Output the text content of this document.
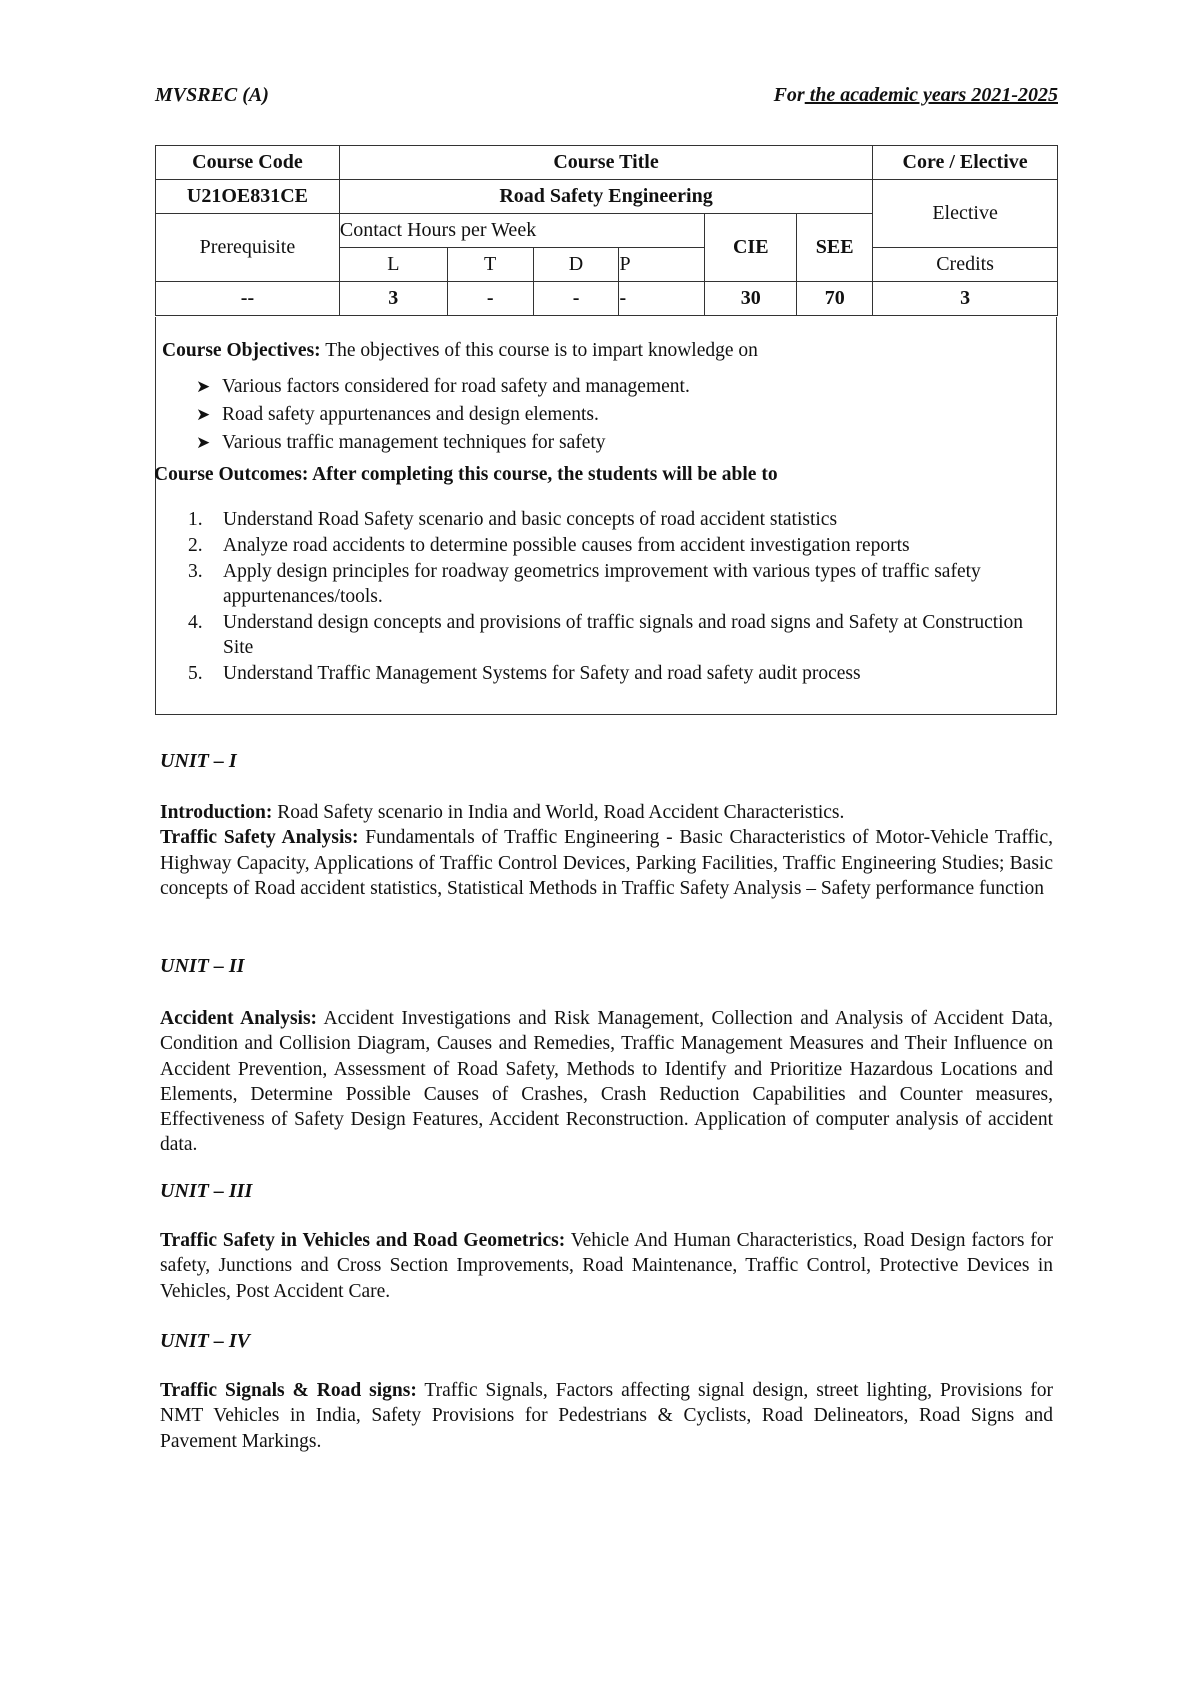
MVSREC (A)	For the academic years 2021-2025
Course Code	Course Title						Core / Elective
U21OE831CE	Road Safety Engineering						Elective
Prerequisite	Contact Hours per Week				CIE	SEE	
	L	T	D	P			Credits
--	3	-	-	-	30	70	3
Course Objectives: The objectives of this course is to impart knowledge on
➤ Various factors considered for road safety and management.
➤ Road safety appurtenances and design elements.
➤ Various traffic management techniques for safety
Course Outcomes: After completing this course, the students will be able to
1. Understand Road Safety scenario and basic concepts of road accident statistics
2. Analyze road accidents to determine possible causes from accident investigation reports
3. Apply design principles for roadway geometrics improvement with various types of traffic safety appurtenances/tools.
4. Understand design concepts and provisions of traffic signals and road signs and Safety at Construction Site
5. Understand Traffic Management Systems for Safety and road safety audit process
UNIT – I
Introduction: Road Safety scenario in India and World, Road Accident Characteristics.
Traffic Safety Analysis: Fundamentals of Traffic Engineering - Basic Characteristics of Motor-Vehicle Traffic, Highway Capacity, Applications of Traffic Control Devices, Parking Facilities, Traffic Engineering Studies; Basic concepts of Road accident statistics, Statistical Methods in Traffic Safety Analysis – Safety performance function
UNIT – II
Accident Analysis: Accident Investigations and Risk Management, Collection and Analysis of Accident Data, Condition and Collision Diagram, Causes and Remedies, Traffic Management Measures and Their Influence on Accident Prevention, Assessment of Road Safety, Methods to Identify and Prioritize Hazardous Locations and Elements, Determine Possible Causes of Crashes, Crash Reduction Capabilities and Counter measures, Effectiveness of Safety Design Features, Accident Reconstruction. Application of computer analysis of accident data.
UNIT – III
Traffic Safety in Vehicles and Road Geometrics: Vehicle And Human Characteristics, Road Design factors for safety, Junctions and Cross Section Improvements, Road Maintenance, Traffic Control, Protective Devices in Vehicles, Post Accident Care.
UNIT – IV
Traffic Signals & Road signs: Traffic Signals, Factors affecting signal design, street lighting, Provisions for NMT Vehicles in India, Safety Provisions for Pedestrians & Cyclists, Road Delineators, Road Signs and Pavement Markings.
